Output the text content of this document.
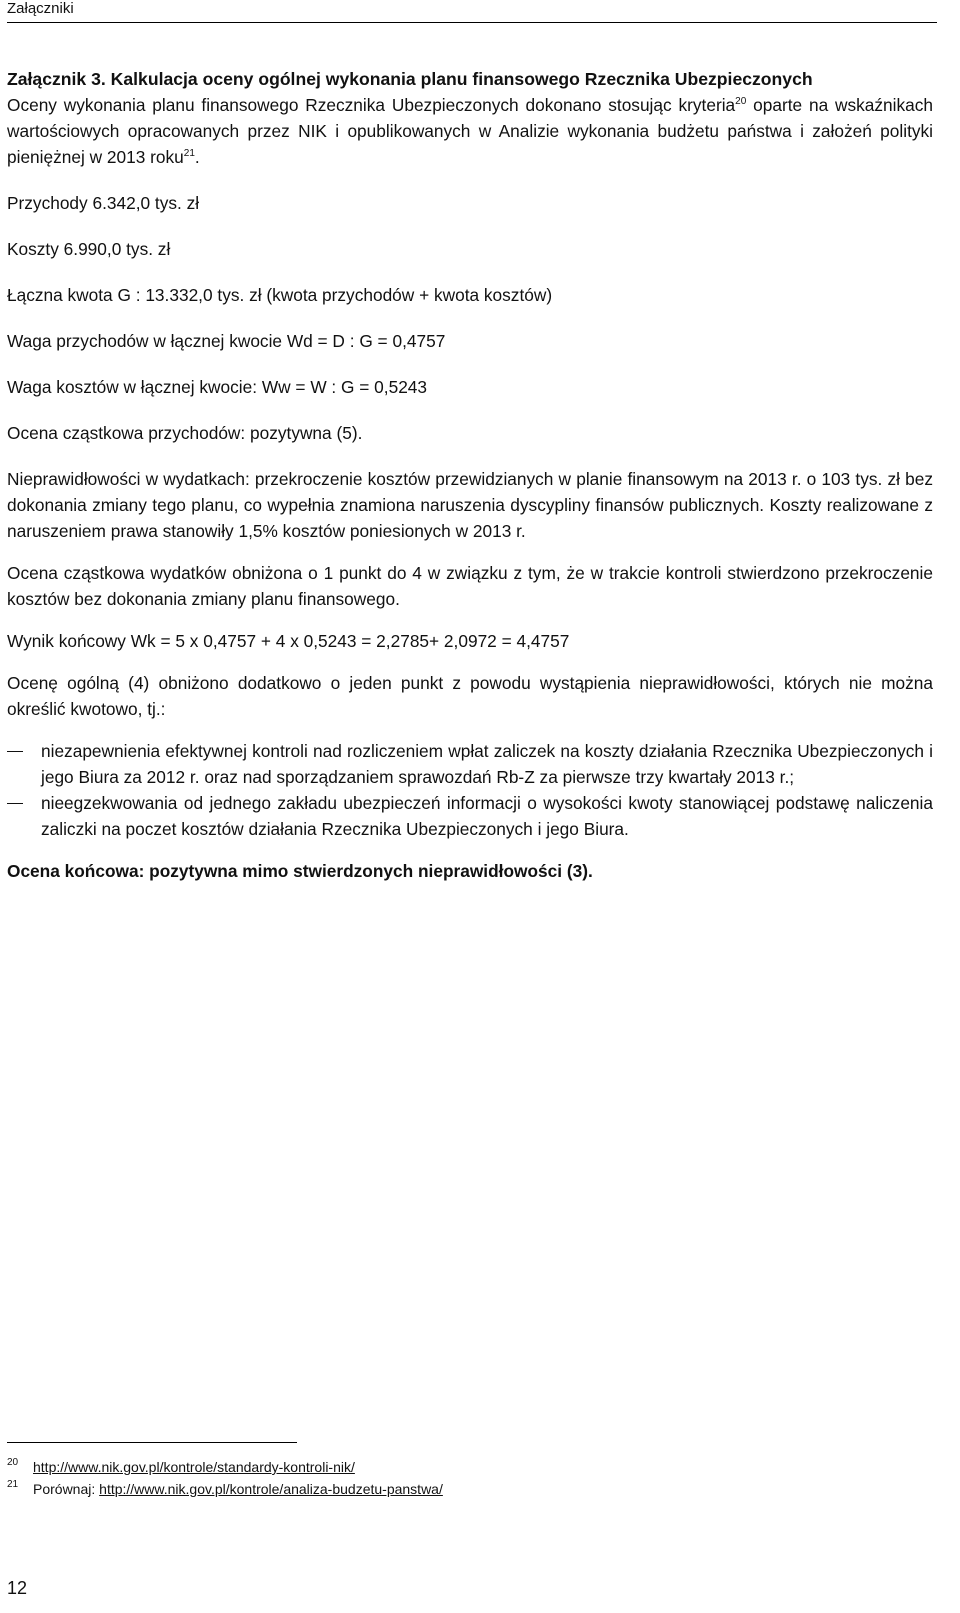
Załączniki

Załącznik 3. Kalkulacja oceny ogólnej wykonania planu finansowego Rzecznika Ubezpieczonych

Oceny wykonania planu finansowego Rzecznika Ubezpieczonych dokonano stosując kryteria$^{20}$ oparte na wskaźnikach wartościowych opracowanych przez NIK i opublikowanych w Analizie wykonania budżetu państwa i założeń polityki pieniężnej w 2013 roku$^{21}$.

Przychody 6.342,0 tys. zł

Koszty 6.990,0 tys. zł

Łączna kwota G : 13.332,0 tys. zł (kwota przychodów + kwota kosztów)

Waga przychodów w łącznej kwocie Wd = D : G = 0,4757

Waga kosztów w łącznej kwocie: Ww = W : G = 0,5243

Ocena cząstkowa przychodów: pozytywna (5).

Nieprawidłowości w wydatkach: przekroczenie kosztów przewidzianych w planie finansowym na 2013 r. o 103 tys. zł bez dokonania zmiany tego planu, co wypełnia znamiona naruszenia dyscypliny finansów publicznych. Koszty realizowane z naruszeniem prawa stanowiły 1,5% kosztów poniesionych w 2013 r.

Ocena cząstkowa wydatków obniżona o 1 punkt do 4 w związku z tym, że w trakcie kontroli stwierdzono przekroczenie kosztów bez dokonania zmiany planu finansowego.

Wynik końcowy Wk = 5 x 0,4757 + 4 x 0,5243 = 2,2785+ 2,0972 = 4,4757

Ocenę ogólną (4) obniżono dodatkowo o jeden punkt z powodu wystąpienia nieprawidłowości, których nie można określić kwotowo, tj.:

niezapewnienia efektywnej kontroli nad rozliczeniem wpłat zaliczek na koszty działania Rzecznika Ubezpieczonych i jego Biura za 2012 r. oraz nad sporządzaniem sprawozdań Rb-Z za pierwsze trzy kwartały 2013 r.;
nieegzekwowania od jednego zakładu ubezpieczeń informacji o wysokości kwoty stanowiącej podstawę naliczenia zaliczki na poczet kosztów działania Rzecznika Ubezpieczonych i jego Biura.

Ocena końcowa: pozytywna mimo stwierdzonych nieprawidłowości (3).

20	http://www.nik.gov.pl/kontrole/standardy-kontroli-nik/
21	Porównaj: http://www.nik.gov.pl/kontrole/analiza-budzetu-panstwa/
12
